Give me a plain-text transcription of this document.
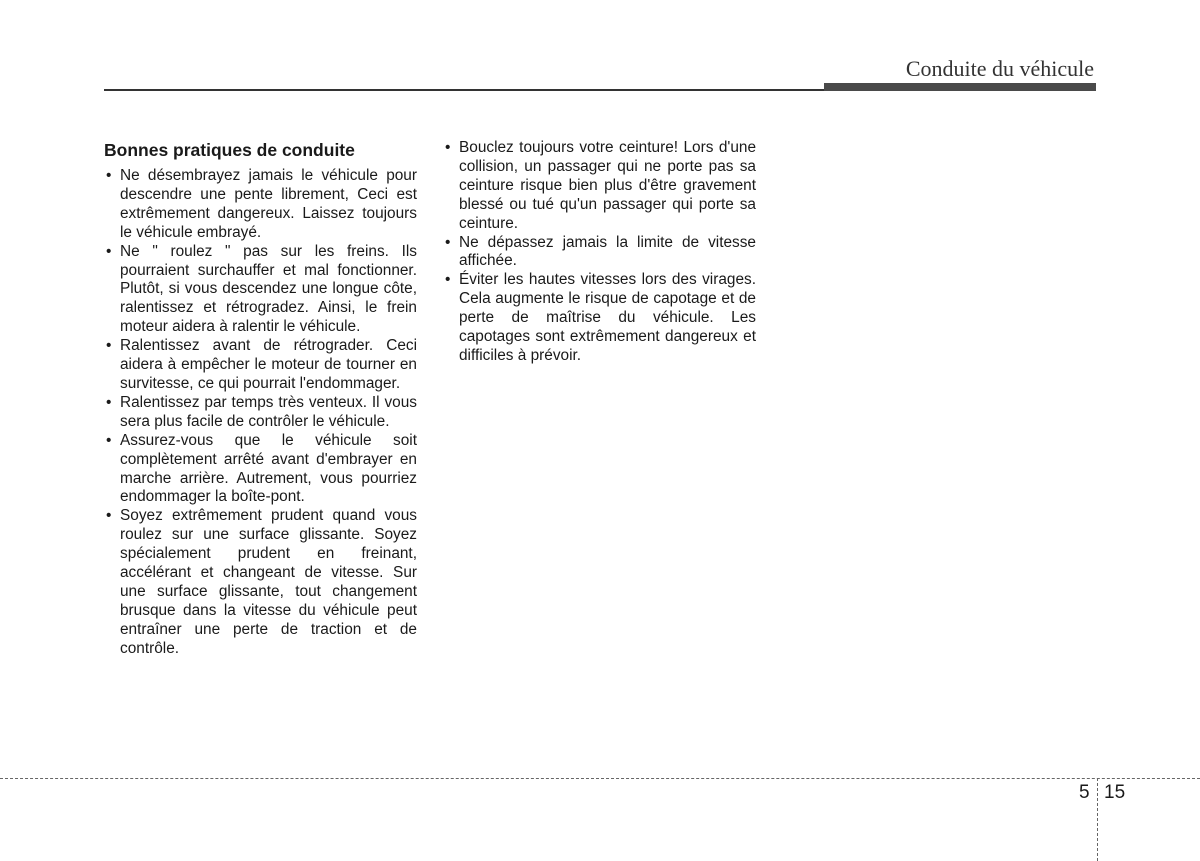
Conduite du véhicule
Bonnes pratiques de conduite
• Ne désembrayez jamais le véhicule pour descendre une pente librement, Ceci est extrêmement dangereux. Laissez toujours le véhicule embrayé.
• Ne " roulez " pas sur les freins. Ils pourraient surchauffer et mal fonctionner. Plutôt, si vous descendez une longue côte, ralentissez et rétrogradez. Ainsi, le frein moteur aidera à ralentir le véhicule.
• Ralentissez avant de rétrograder. Ceci aidera à empêcher le moteur de tourner en survitesse, ce qui pourrait l'endommager.
• Ralentissez par temps très venteux. Il vous sera plus facile de contrôler le véhicule.
• Assurez-vous que le véhicule soit complètement arrêté avant d'embrayer en marche arrière. Autrement, vous pourriez endommager la boîte-pont.
• Soyez extrêmement prudent quand vous roulez sur une surface glissante. Soyez spécialement prudent en freinant, accélérant et changeant de vitesse. Sur une surface glissante, tout changement brusque dans la vitesse du véhicule peut entraîner une perte de traction et de contrôle.
• Bouclez toujours votre ceinture! Lors d'une collision, un passager qui ne porte pas sa ceinture risque bien plus d'être gravement blessé ou tué qu'un passager qui porte sa ceinture.
• Ne dépassez jamais la limite de vitesse affichée.
• Éviter les hautes vitesses lors des virages. Cela augmente le risque de capotage et de perte de maîtrise du véhicule. Les capotages sont extrêmement dangereux et difficiles à prévoir.
5 15
